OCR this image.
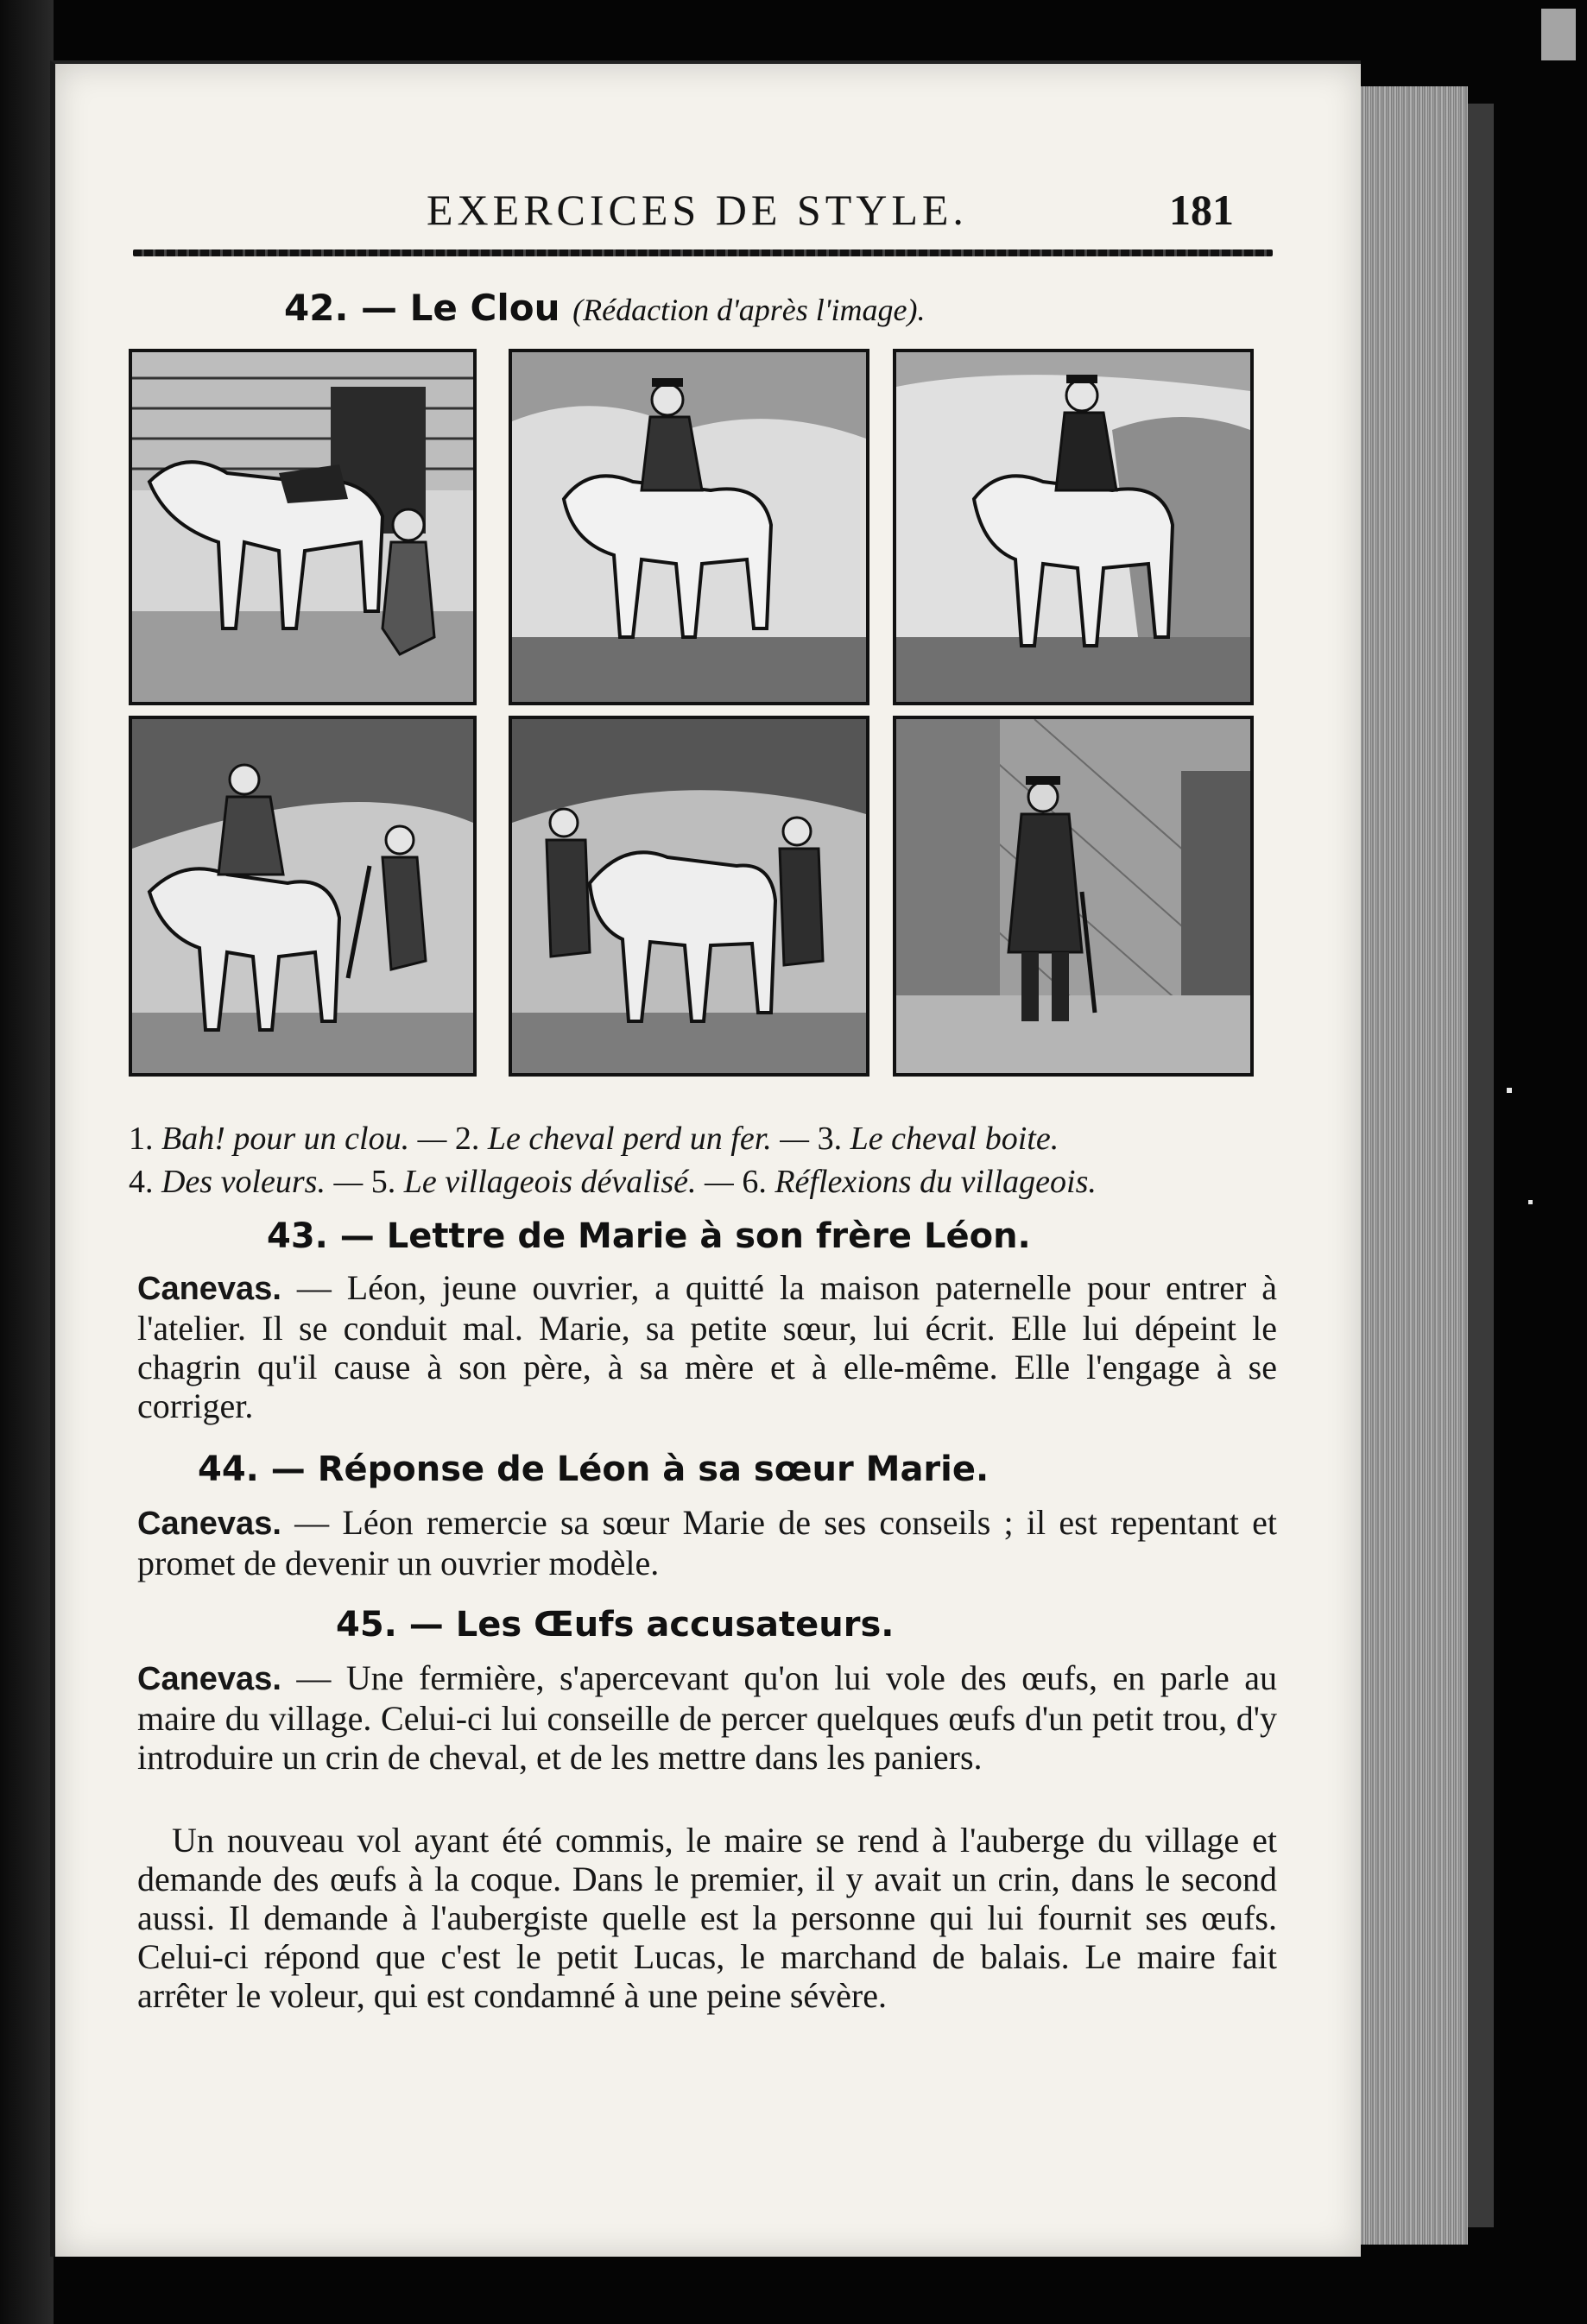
EXERCICES DE STYLE.	181
42. — Le Clou (Rédaction d'après l'image).
1. Bah! pour un clou. — 2. Le cheval perd un fer. — 3. Le cheval boite.
4. Des voleurs. — 5. Le villageois dévalisé. — 6. Réflexions du villageois.
43. — Lettre de Marie à son frère Léon.
Canevas. — Léon, jeune ouvrier, a quitté la maison paternelle pour entrer à l'atelier. Il se conduit mal. Marie, sa petite sœur, lui écrit. Elle lui dépeint le chagrin qu'il cause à son père, à sa mère et à elle-même. Elle l'engage à se corriger.
44. — Réponse de Léon à sa sœur Marie.
Canevas. — Léon remercie sa sœur Marie de ses conseils ; il est repentant et promet de devenir un ouvrier modèle.
45. — Les Œufs accusateurs.
Canevas. — Une fermière, s'apercevant qu'on lui vole des œufs, en parle au maire du village. Celui-ci lui conseille de percer quelques œufs d'un petit trou, d'y introduire un crin de cheval, et de les mettre dans les paniers.
Un nouveau vol ayant été commis, le maire se rend à l'auberge du village et demande des œufs à la coque. Dans le premier, il y avait un crin, dans le second aussi. Il demande à l'aubergiste quelle est la personne qui lui fournit ses œufs. Celui-ci répond que c'est le petit Lucas, le marchand de balais. Le maire fait arrêter le voleur, qui est condamné à une peine sévère.
